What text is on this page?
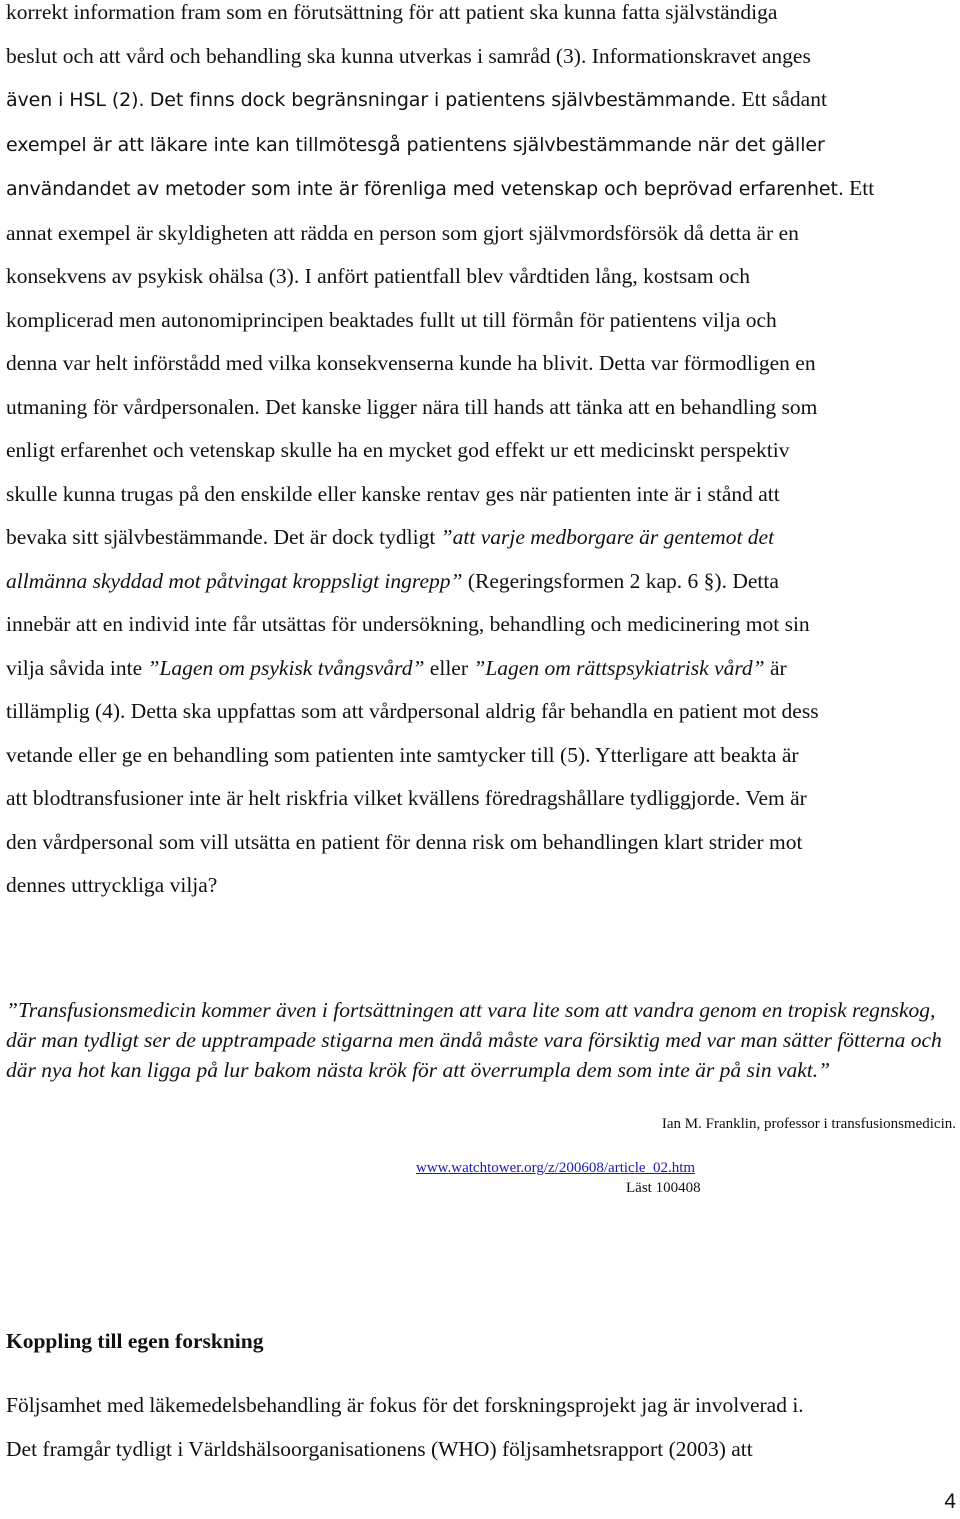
korrekt information fram som en förutsättning för att patient ska kunna fatta självständiga
beslut och att vård och behandling ska kunna utverkas i samråd (3). Informationskravet anges
även i HSL (2). Det finns dock begränsningar i patientens självbestämmande. Ett sådant
exempel är att läkare inte kan tillmötesgå patientens självbestämmande när det gäller
användandet av metoder som inte är förenliga med vetenskap och beprövad erfarenhet. Ett
annat exempel är skyldigheten att rädda en person som gjort självmordsförsök då detta är en
konsekvens av psykisk ohälsa (3). I anfört patientfall blev vårdtiden lång, kostsam och
komplicerad men autonomiprincipen beaktades fullt ut till förmån för patientens vilja och
denna var helt införstådd med vilka konsekvenserna kunde ha blivit. Detta var förmodligen en
utmaning för vårdpersonalen. Det kanske ligger nära till hands att tänka att en behandling som
enligt erfarenhet och vetenskap skulle ha en mycket god effekt ur ett medicinskt perspektiv
skulle kunna trugas på den enskilde eller kanske rentav ges när patienten inte är i stånd att
bevaka sitt självbestämmande. Det är dock tydligt ”att varje medborgare är gentemot det
allmänna skyddad mot påtvingat kroppsligt ingrepp” (Regeringsformen 2 kap. 6 §). Detta
innebär att en individ inte får utsättas för undersökning, behandling och medicinering mot sin
vilja såvida inte ”Lagen om psykisk tvångsvård” eller ”Lagen om rättspsykiatrisk vård” är
tillämplig (4). Detta ska uppfattas som att vårdpersonal aldrig får behandla en patient mot dess
vetande eller ge en behandling som patienten inte samtycker till (5). Ytterligare att beakta är
att blodtransfusioner inte är helt riskfria vilket kvällens föredragshållare tydliggjorde. Vem är
den vårdpersonal som vill utsätta en patient för denna risk om behandlingen klart strider mot
dennes uttryckliga vilja?

”Transfusionsmedicin kommer även i fortsättningen att vara lite som att vandra genom en tropisk regnskog, där man tydligt ser de upptrampade stigarna men ändå måste vara försiktig med var man sätter fötterna och där nya hot kan ligga på lur bakom nästa krök för att överrumpla dem som inte är på sin vakt.”

Ian M. Franklin, professor i transfusionsmedicin.

www.watchtower.org/z/200608/article_02.htm

Läst 100408

Koppling till egen forskning

Följsamhet med läkemedelsbehandling är fokus för det forskningsprojekt jag är involverad i.
Det framgår tydligt i Världshälsoorganisationens (WHO) följsamhetsrapport (2003) att

4
